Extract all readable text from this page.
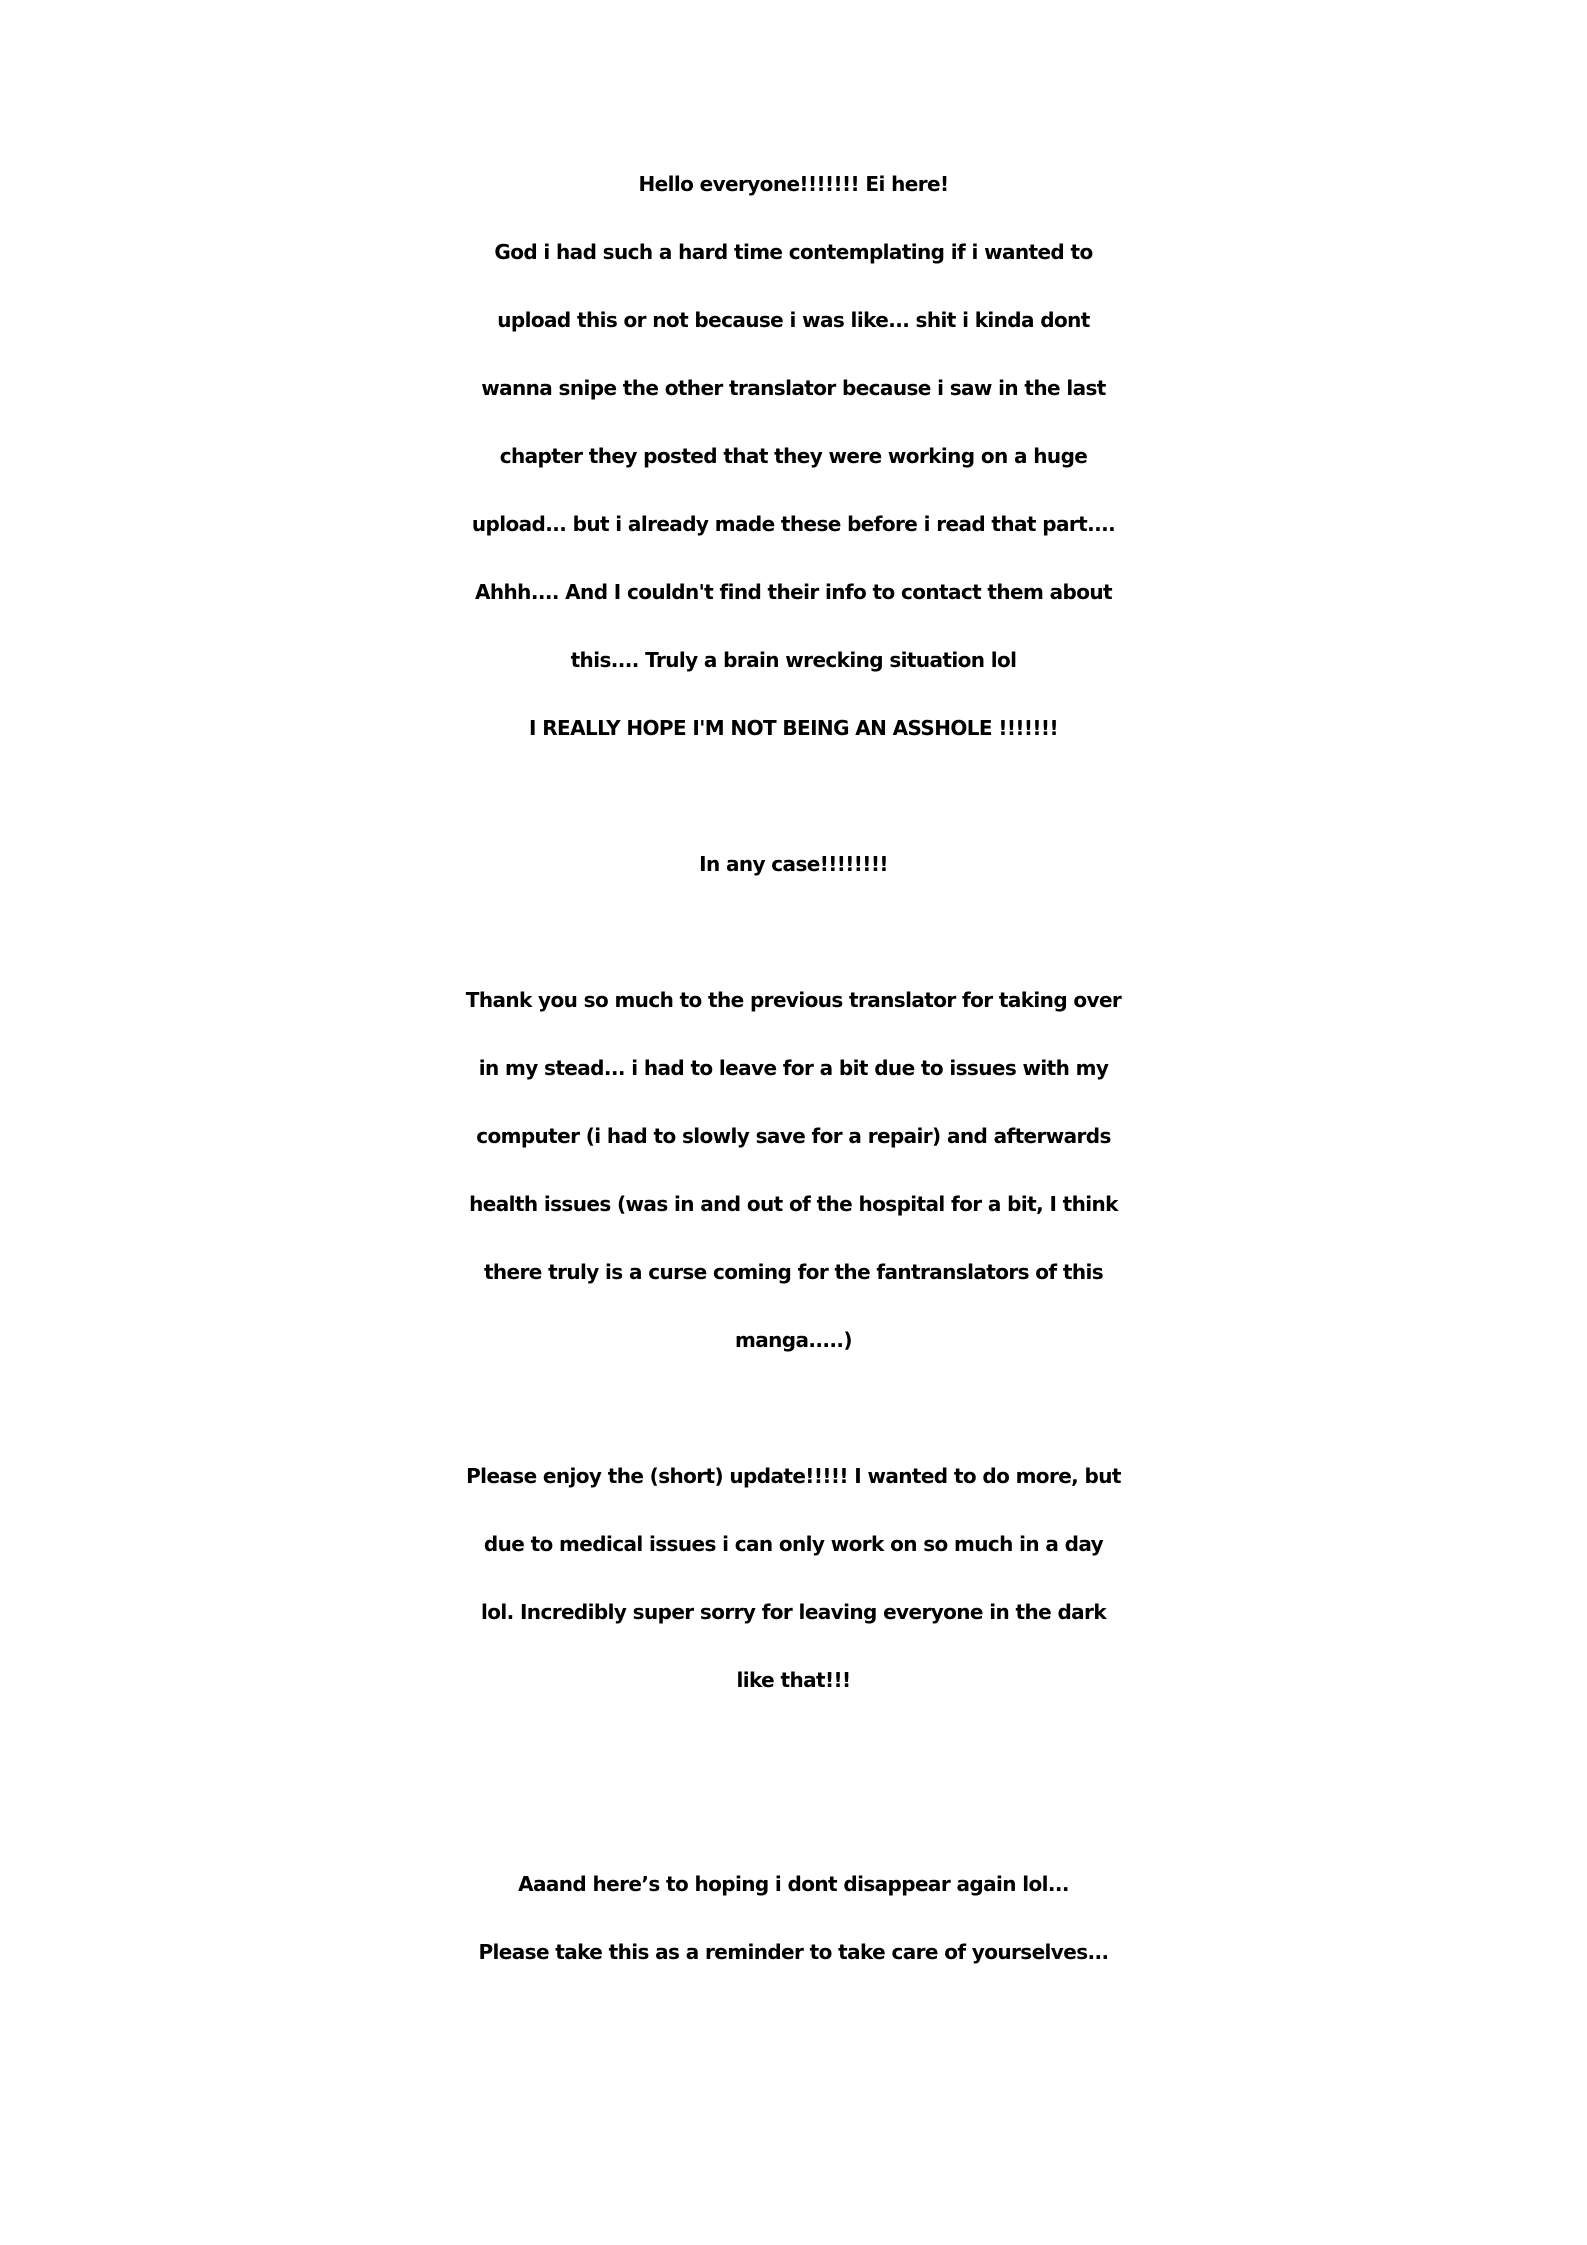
Hello everyone!!!!!!! Ei here!
God i had such a hard time contemplating if i wanted to
upload this or not because i was like... shit i kinda dont
wanna snipe the other translator because i saw in the last
chapter they posted that they were working on a huge
upload... but i already made these before i read that part....
Ahhh.... And I couldn't find their info to contact them about
this.... Truly a brain wrecking situation lol
I REALLY HOPE I'M NOT BEING AN ASSHOLE !!!!!!!
In any case!!!!!!!!
Thank you so much to the previous translator for taking over
in my stead... i had to leave for a bit due to issues with my
computer (i had to slowly save for a repair) and afterwards
health issues (was in and out of the hospital for a bit, I think
there truly is a curse coming for the fantranslators of this
manga.....)
Please enjoy the (short) update!!!!! I wanted to do more, but
due to medical issues i can only work on so much in a day
lol. Incredibly super sorry for leaving everyone in the dark
like that!!!
Aaand here’s to hoping i dont disappear again lol...
Please take this as a reminder to take care of yourselves...
